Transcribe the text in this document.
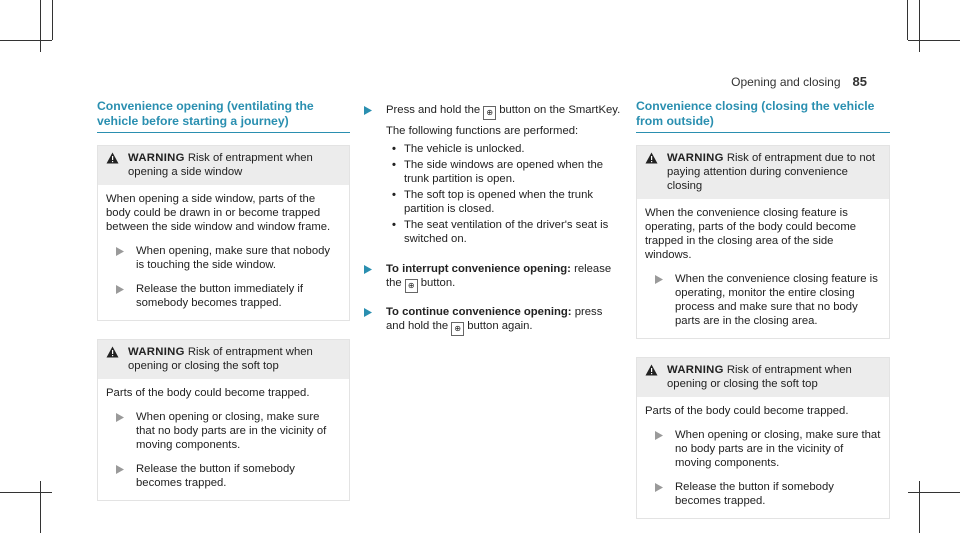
Opening and closing 85
Convenience opening (ventilating the vehicle before starting a journey)
WARNING Risk of entrapment when opening a side window

When opening a side window, parts of the body could be drawn in or become trapped between the side window and window frame.

When opening, make sure that nobody is touching the side window.
Release the button immediately if somebody becomes trapped.
WARNING Risk of entrapment when opening or closing the soft top

Parts of the body could become trapped.

When opening or closing, make sure that no body parts are in the vicinity of moving components.
Release the button if somebody becomes trapped.

Press and hold the ⊕ button on the SmartKey.

The following functions are performed:

• The vehicle is unlocked.
• The side windows are opened when the trunk partition is open.
• The soft top is opened when the trunk partition is closed.
• The seat ventilation of the driver's seat is switched on.
To interrupt convenience opening: release the ⊕ button.
To continue convenience opening: press and hold the ⊕ button again.
Convenience closing (closing the vehicle from outside)
WARNING Risk of entrapment due to not paying attention during convenience closing

When the convenience closing feature is operating, parts of the body could become trapped in the closing area of the side windows.

When the convenience closing feature is operating, monitor the entire closing process and make sure that no body parts are in the closing area.
WARNING Risk of entrapment when opening or closing the soft top

Parts of the body could become trapped.

When opening or closing, make sure that no body parts are in the vicinity of moving components.
Release the button if somebody becomes trapped.
